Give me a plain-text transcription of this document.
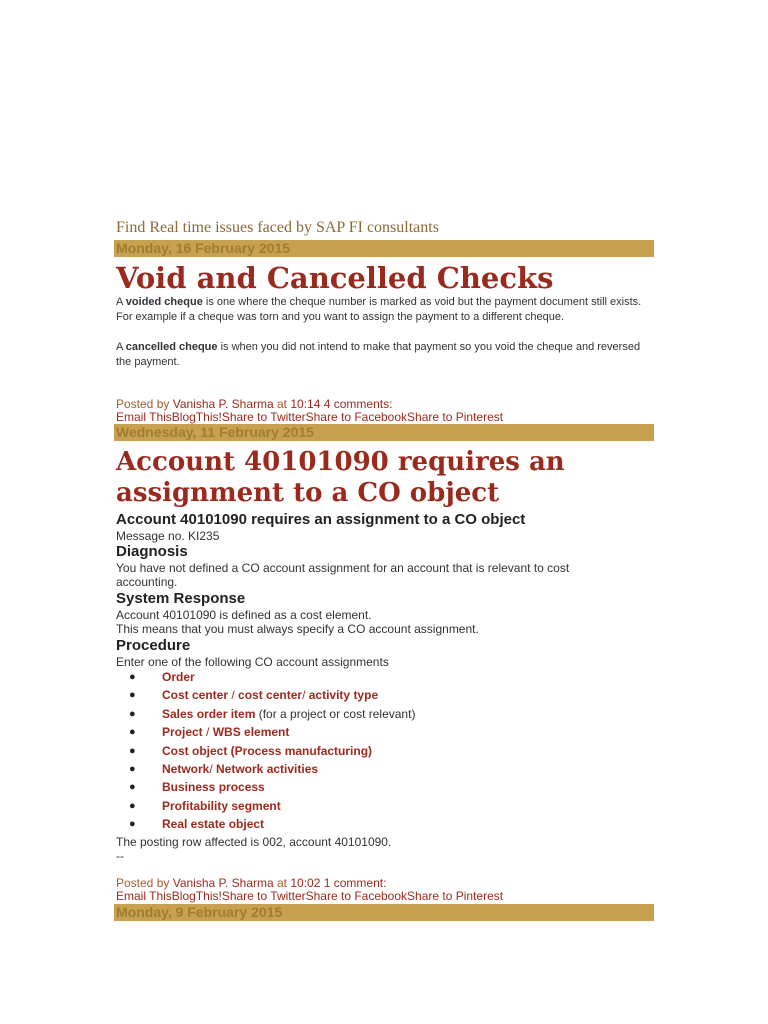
Find Real time issues faced by SAP FI consultants
Monday, 16 February 2015
Void and Cancelled Checks

A voided cheque is one where the cheque number is marked as void but the payment document still exists. For example if a cheque was torn and you want to assign the payment to a different cheque.

A cancelled cheque is when you did not intend to make that payment so you void the cheque and reversed the payment.

Posted by Vanisha P. Sharma at 10:14 4 comments:
Email ThisBlogThis!Share to TwitterShare to FacebookShare to Pinterest
Wednesday, 11 February 2015
Account 40101090 requires an
assignment to a CO object
Account 40101090 requires an assignment to a CO object
Message no. KI235
Diagnosis
You have not defined a CO account assignment for an account that is relevant to cost
accounting.
System Response
Account 40101090 is defined as a cost element.
This means that you must always specify a CO account assignment.
Procedure
Enter one of the following CO account assignments
● Order
● Cost center / cost center/ activity type
● Sales order item (for a project or cost relevant)
● Project / WBS element
● Cost object (Process manufacturing)
● Network/ Network activities
● Business process
● Profitability segment
● Real estate object
The posting row affected is 002, account 40101090.
--
Posted by Vanisha P. Sharma at 10:02 1 comment:
Email ThisBlogThis!Share to TwitterShare to FacebookShare to Pinterest
Monday, 9 February 2015
